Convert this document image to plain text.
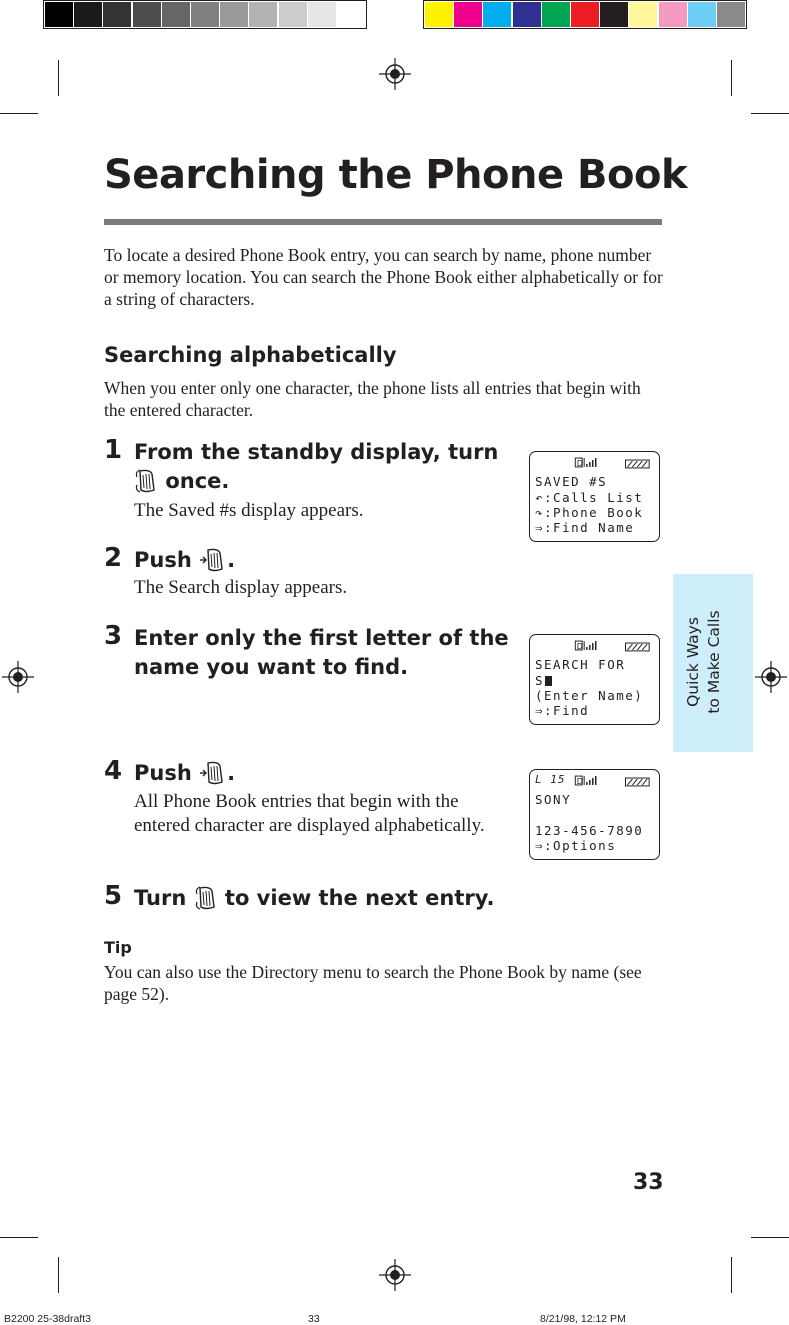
Searching the Phone Book
To locate a desired Phone Book entry, you can search by name, phone number or memory location. You can search the Phone Book either alphabetically or for a string of characters.
Searching alphabetically
When you enter only one character, the phone lists all entries that begin with the entered character.
1 From the standby display, turn
once.
The Saved #s display appears.
2 Push .
The Search display appears.
3 Enter only the first letter of the
name you want to find.
4 Push .
All Phone Book entries that begin with the entered character are displayed alphabetically.
5 Turn to view the next entry.
D
SAVED #S
↶:Calls List
↷:Phone Book
⇒:Find Name
D
SEARCH FOR
S
(Enter Name)
⇒:Find
L 15 D
SONY
123-456-7890
⇒:Options
Quick Ways to Make Calls
Tip
You can also use the Directory menu to search the Phone Book by name (see page 52).
33
B2200 25-38draft3	33	8/21/98, 12:12 PM
